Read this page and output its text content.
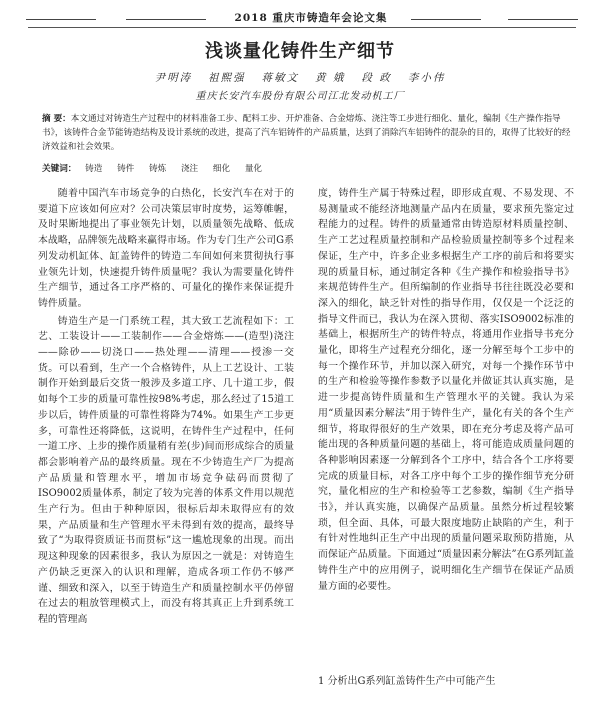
2018 重庆市铸造年会论文集
浅谈量化铸件生产细节
尹明涛 祖熙强 蒋敏文 黄 娥 段 政 李小伟
重庆长安汽车股份有限公司江北发动机工厂
摘 要：本文通过对铸造生产过程中的材料准备工步、配料工步、开炉准备、合金熔炼、浇注等工步进行细化、量化，编制《生产操作指导书》，该铸件合金节能铸造结构及设计系统的改进，提高了汽车铝铸件的产品质量，达到了消除汽车铝铸件的混杂的目的，取得了比较好的经济效益和社会效果。
关键词： 铸造 铸件 铸炼 浇注 细化 量化

随着中国汽车市场竞争的白热化，长安汽车在对于的要道下应该如何应对？公司决策层审时度势，运筹帷幄，及时果断地提出了事业领先计划，以质量领先战略、低成本战略，品牌领先战略来赢得市场。作为专门生产公司G系列发动机缸体、缸盖铸件的铸造二车间如何来贯彻执行事业领先计划，快速提升铸件质量呢？我认为需要量化铸件生产细节，通过各工序严格的、可量化的操作来保证提升铸件质量。

铸造生产是一门系统工程，其大致工艺流程如下：工艺、工装设计——工装制作——合金熔炼——(造型)浇注——除砂——切浇口——热处理——清理——授渗一交货。可以看到，生产一个合格铸件，从上工艺设计、工装制作开始到最后交货一般涉及多道工序、几十道工步，假如每个工步的质量可靠性按98%考虑，那么经过了15道工步以后，铸件质量的可靠性将降为74%。如果生产工步更多，可靠性还将降低，这说明，在铸件生产过程中，任何一道工序、上步的操作质量稍有差(步)间而形成综合的质量都会影响着产品的最终质量。现在不少铸造生产厂为提高产品质量和管理水平，增加市场竞争砝码而贯彻了ISO9002质量体系，制定了较为完善的体系文件用以规范生产行为。但由于种种原因，很标后却未取得应有的效果，产品质量和生产管理水平未得到有效的提高，最终导致了“为取得资质证书而贯标”这一尴尬现象的出现。而出现这种现象的因素很多，我认为原因之一就是：对铸造生产仍缺乏更深入的认识和理解，造成各项工作仍不够严谨、细致和深入，以至于铸造生产和质量控制水平仍停留在过去的粗放管理模式上，而没有将其真正上升到系统工程的管理高

度，铸件生产属于特殊过程，即形成直观、不易发现、不易测量或不能经济地测量产品内在质量，要求预先鉴定过程能力的过程。铸件的质量通常由铸造原材料质量控制、生产工艺过程质量控制和产品检验质量控制等多个过程来保证，生产中，许多企业多根据生产工序的前后和将要实现的质量目标，通过制定各种《生产操作和检验指导书》来规范铸件生产。但所编制的作业指导书往往既没必要和深入的细化，缺乏针对性的指导作用，仅仅是一个泛泛的指导文件而已，我认为在深入贯彻、落实ISO9002标准的基础上，根据所生产的铸件特点，将通用作业指导书充分量化，即将生产过程充分细化，逐一分解至每个工步中的每一个操作环节，并加以深入研究，对每一个操作环节中的生产和检验等操作参数予以量化并做证其认真实施，是进一步提高铸件质量和生产管理水平的关键。我认为采用“质量因素分解法”用于铸件生产，量化有关的各个生产细节，将取得很好的生产效果，即在充分考虑及将产品可能出现的各种质量问题的基础上，将可能造成质量问题的各种影响因素逐一分解到各个工序中，结合各个工序将要完成的质量目标，对各工序中每个工步的操作细节充分研究，量化相应的生产和检验等工艺参数，编制《生产指导书》，并认真实施，以确保产品质量。虽然分析过程较繁琐，但全面、具体，可最大限度地防止缺陷的产生，利于有针对性地纠正生产中出现的质量问题采取预防措施，从而保证产品质量。下面通过“质量因素分解法”在G系列缸盖铸件生产中的应用例子，说明细化生产细节在保证产品质量方面的必要性。

1 分析出G系列缸盖铸件生产中可能产生
